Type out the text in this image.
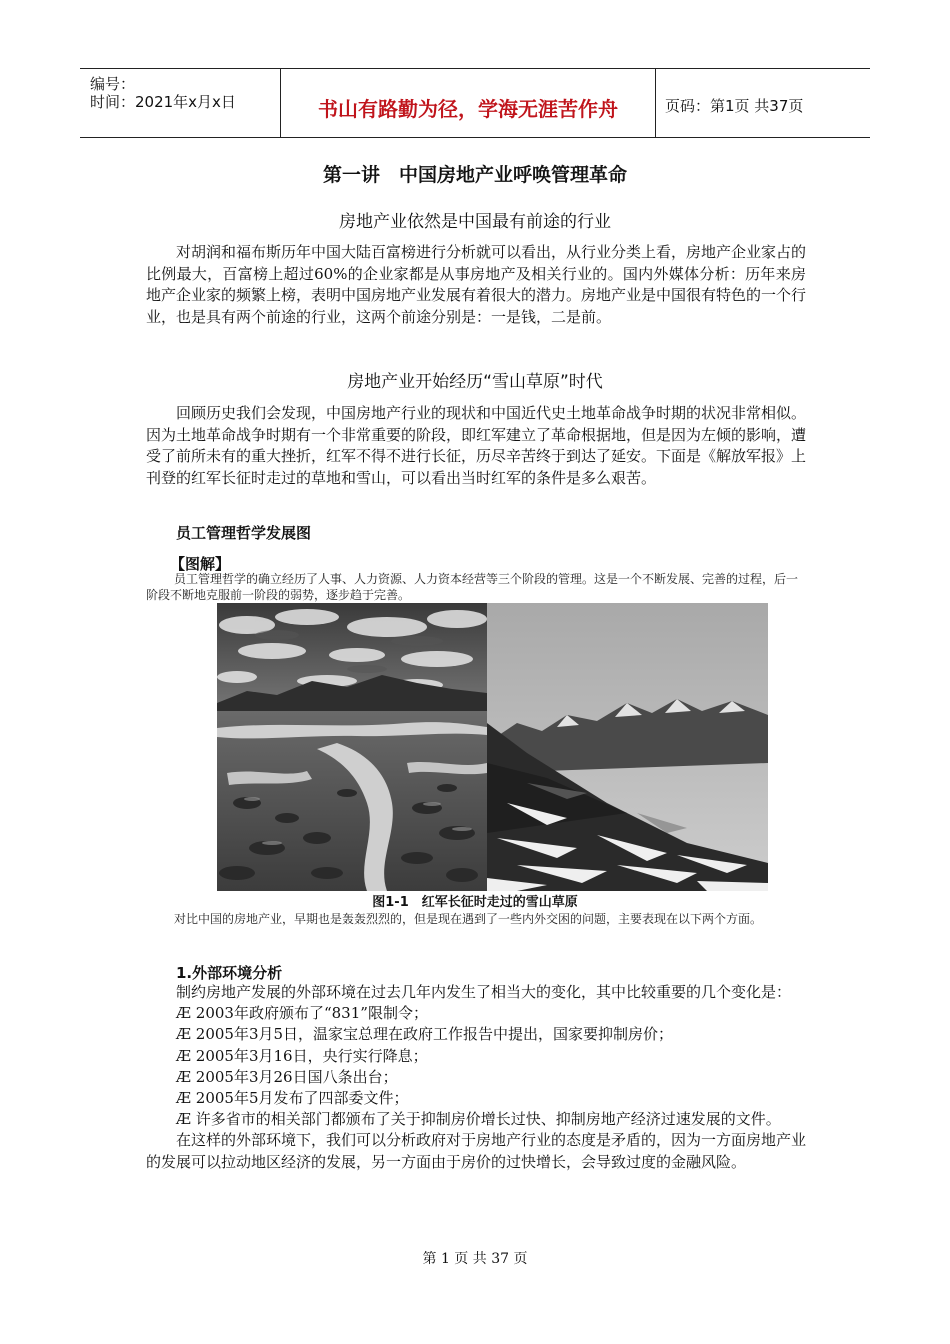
编号：
时间：2021年x月x日	书山有路勤为径，学海无涯苦作舟	页码：第1页 共37页
第一讲　中国房地产业呼唤管理革命
房地产业依然是中国最有前途的行业
对胡润和福布斯历年中国大陆百富榜进行分析就可以看出，从行业分类上看，房地产企业家占的比例最大，百富榜上超过60%的企业家都是从事房地产及相关行业的。国内外媒体分析：历年来房地产企业家的频繁上榜，表明中国房地产业发展有着很大的潜力。房地产业是中国很有特色的一个行业，也是具有两个前途的行业，这两个前途分别是：一是钱，二是前。
房地产业开始经历“雪山草原”时代
回顾历史我们会发现，中国房地产行业的现状和中国近代史土地革命战争时期的状况非常相似。因为土地革命战争时期有一个非常重要的阶段，即红军建立了革命根据地，但是因为左倾的影响，遭受了前所未有的重大挫折，红军不得不进行长征，历尽辛苦终于到达了延安。下面是《解放军报》上刊登的红军长征时走过的草地和雪山，可以看出当时红军的条件是多么艰苦。
员工管理哲学发展图
【图解】
员工管理哲学的确立经历了人事、人力资源、人力资本经营等三个阶段的管理。这是一个不断发展、完善的过程，后一阶段不断地克服前一阶段的弱势，逐步趋于完善。
图1-1　红军长征时走过的雪山草原
对比中国的房地产业，早期也是轰轰烈烈的，但是现在遇到了一些内外交困的问题，主要表现在以下两个方面。
1.外部环境分析
制约房地产发展的外部环境在过去几年内发生了相当大的变化，其中比较重要的几个变化是：
Æ 2003年政府颁布了“831”限制令；
Æ 2005年3月5日，温家宝总理在政府工作报告中提出，国家要抑制房价；
Æ 2005年3月16日，央行实行降息；
Æ 2005年3月26日国八条出台；
Æ 2005年5月发布了四部委文件；
Æ 许多省市的相关部门都颁布了关于抑制房价增长过快、抑制房地产经济过速发展的文件。
在这样的外部环境下，我们可以分析政府对于房地产行业的态度是矛盾的，因为一方面房地产业的发展可以拉动地区经济的发展，另一方面由于房价的过快增长，会导致过度的金融风险。
第 1 页 共 37 页
